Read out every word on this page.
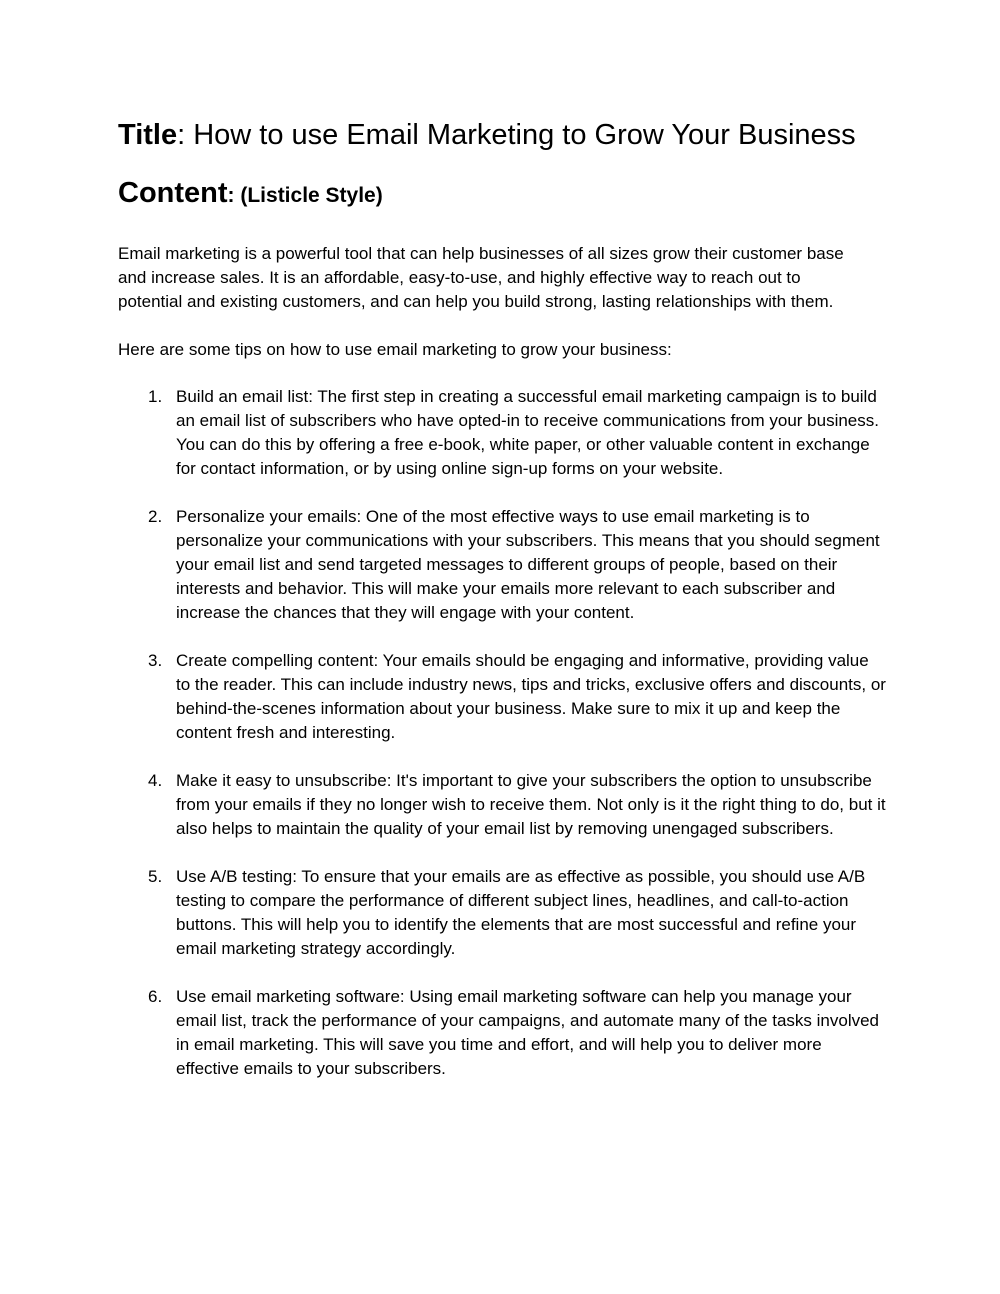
Title: How to use Email Marketing to Grow Your Business
Content: (Listicle Style)

Email marketing is a powerful tool that can help businesses of all sizes grow their customer base and increase sales. It is an affordable, easy-to-use, and highly effective way to reach out to potential and existing customers, and can help you build strong, lasting relationships with them.

Here are some tips on how to use email marketing to grow your business:

1. Build an email list: The first step in creating a successful email marketing campaign is to build an email list of subscribers who have opted-in to receive communications from your business. You can do this by offering a free e-book, white paper, or other valuable content in exchange for contact information, or by using online sign-up forms on your website.
2. Personalize your emails: One of the most effective ways to use email marketing is to personalize your communications with your subscribers. This means that you should segment your email list and send targeted messages to different groups of people, based on their interests and behavior. This will make your emails more relevant to each subscriber and increase the chances that they will engage with your content.
3. Create compelling content: Your emails should be engaging and informative, providing value to the reader. This can include industry news, tips and tricks, exclusive offers and discounts, or behind-the-scenes information about your business. Make sure to mix it up and keep the content fresh and interesting.
4. Make it easy to unsubscribe: It's important to give your subscribers the option to unsubscribe from your emails if they no longer wish to receive them. Not only is it the right thing to do, but it also helps to maintain the quality of your email list by removing unengaged subscribers.
5. Use A/B testing: To ensure that your emails are as effective as possible, you should use A/B testing to compare the performance of different subject lines, headlines, and call-to-action buttons. This will help you to identify the elements that are most successful and refine your email marketing strategy accordingly.
6. Use email marketing software: Using email marketing software can help you manage your email list, track the performance of your campaigns, and automate many of the tasks involved in email marketing. This will save you time and effort, and will help you to deliver more effective emails to your subscribers.
